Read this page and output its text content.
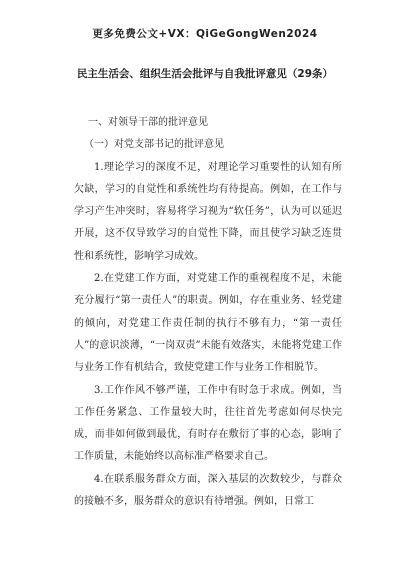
更多免费公文+VX：QiGeGongWen2024
民主生活会、组织生活会批评与自我批评意见（29条）
一、对领导干部的批评意见
（一）对党支部书记的批评意见

1.理论学习的深度不足，对理论学习重要性的认知有所欠缺，学习的自觉性和系统性均有待提高。例如，在工作与学习产生冲突时，容易将学习视为“软任务”，认为可以延迟开展，这不仅导致学习的自觉性下降，而且使学习缺乏连贯性和系统性，影响学习成效。

2.在党建工作方面，对党建工作的重视程度不足，未能充分履行“第一责任人”的职责。例如，存在重业务、轻党建的倾向，对党建工作责任制的执行不够有力，“第一责任人”的意识淡薄，“一岗双责”未能有效落实，未能将党建工作与业务工作有机结合，致使党建工作与业务工作相脱节。

3.工作作风不够严谨，工作中有时急于求成。例如，当工作任务紧急、工作量较大时，往往首先考虑如何尽快完成，而非如何做到最优，有时存在敷衍了事的心态，影响了工作质量，未能始终以高标准严格要求自己。

4.在联系服务群众方面，深入基层的次数较少，与群众的接触不多，服务群众的意识有待增强。例如，日常工
